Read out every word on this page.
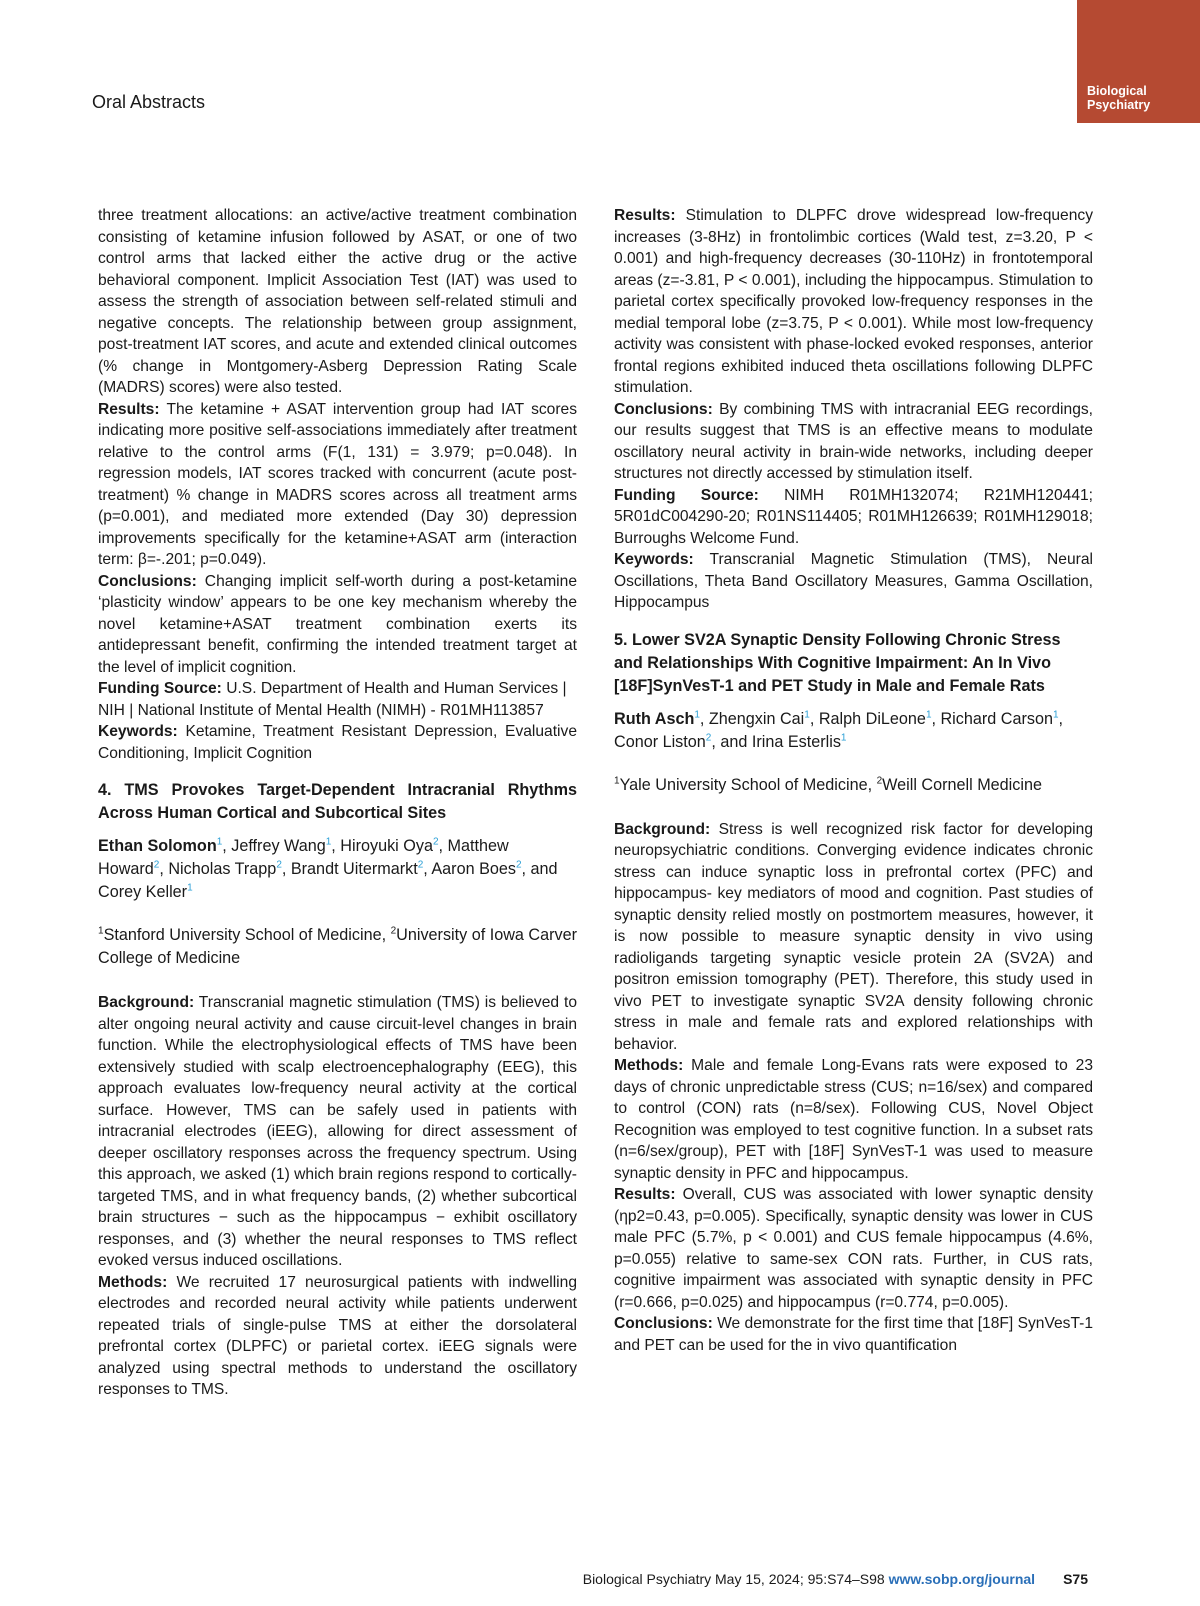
Oral Abstracts
Biological
Psychiatry

three treatment allocations: an active/active treatment combination consisting of ketamine infusion followed by ASAT, or one of two control arms that lacked either the active drug or the active behavioral component. Implicit Association Test (IAT) was used to assess the strength of association between self-related stimuli and negative concepts. The relationship between group assignment, post-treatment IAT scores, and acute and extended clinical outcomes (% change in Montgomery-Asberg Depression Rating Scale (MADRS) scores) were also tested.

Results: The ketamine + ASAT intervention group had IAT scores indicating more positive self-associations immediately after treatment relative to the control arms (F(1, 131) = 3.979; p=0.048). In regression models, IAT scores tracked with concurrent (acute post-treatment) % change in MADRS scores across all treatment arms (p=0.001), and mediated more extended (Day 30) depression improvements specifically for the ketamine+ASAT arm (interaction term: β=-.201; p=0.049).

Conclusions: Changing implicit self-worth during a post-ketamine ‘plasticity window’ appears to be one key mechanism whereby the novel ketamine+ASAT treatment combination exerts its antidepressant benefit, confirming the intended treatment target at the level of implicit cognition.

Funding Source: U.S. Department of Health and Human Services | NIH | National Institute of Mental Health (NIMH) - R01MH113857

Keywords: Ketamine, Treatment Resistant Depression, Evaluative Conditioning, Implicit Cognition

4. TMS Provokes Target-Dependent Intracranial Rhythms Across Human Cortical and Subcortical Sites

Ethan Solomon$^1$, Jeffrey Wang$^1$, Hiroyuki Oya$^2$, Matthew Howard$^2$, Nicholas Trapp$^2$, Brandt Uitermarkt$^2$, Aaron Boes$^2$, and Corey Keller$^1$

$^1$Stanford University School of Medicine, $^2$University of Iowa Carver College of Medicine

Background: Transcranial magnetic stimulation (TMS) is believed to alter ongoing neural activity and cause circuit-level changes in brain function. While the electrophysiological effects of TMS have been extensively studied with scalp electroencephalography (EEG), this approach evaluates low-frequency neural activity at the cortical surface. However, TMS can be safely used in patients with intracranial electrodes (iEEG), allowing for direct assessment of deeper oscillatory responses across the frequency spectrum. Using this approach, we asked (1) which brain regions respond to cortically-targeted TMS, and in what frequency bands, (2) whether subcortical brain structures − such as the hippocampus − exhibit oscillatory responses, and (3) whether the neural responses to TMS reflect evoked versus induced oscillations.

Methods: We recruited 17 neurosurgical patients with indwelling electrodes and recorded neural activity while patients underwent repeated trials of single-pulse TMS at either the dorsolateral prefrontal cortex (DLPFC) or parietal cortex. iEEG signals were analyzed using spectral methods to understand the oscillatory responses to TMS.

Results: Stimulation to DLPFC drove widespread low-frequency increases (3-8Hz) in frontolimbic cortices (Wald test, z=3.20, P < 0.001) and high-frequency decreases (30-110Hz) in frontotemporal areas (z=-3.81, P < 0.001), including the hippocampus. Stimulation to parietal cortex specifically provoked low-frequency responses in the medial temporal lobe (z=3.75, P < 0.001). While most low-frequency activity was consistent with phase-locked evoked responses, anterior frontal regions exhibited induced theta oscillations following DLPFC stimulation.

Conclusions: By combining TMS with intracranial EEG recordings, our results suggest that TMS is an effective means to modulate oscillatory neural activity in brain-wide networks, including deeper structures not directly accessed by stimulation itself.

Funding Source: NIMH R01MH132074; R21MH120441; 5R01dC004290-20; R01NS114405; R01MH126639; R01MH129018; Burroughs Welcome Fund.

Keywords: Transcranial Magnetic Stimulation (TMS), Neural Oscillations, Theta Band Oscillatory Measures, Gamma Oscillation, Hippocampus

5. Lower SV2A Synaptic Density Following Chronic Stress and Relationships With Cognitive Impairment: An In Vivo [18F]SynVesT-1 and PET Study in Male and Female Rats

Ruth Asch$^1$, Zhengxin Cai$^1$, Ralph DiLeone$^1$, Richard Carson$^1$, Conor Liston$^2$, and Irina Esterlis$^1$

$^1$Yale University School of Medicine, $^2$Weill Cornell Medicine

Background: Stress is well recognized risk factor for developing neuropsychiatric conditions. Converging evidence indicates chronic stress can induce synaptic loss in prefrontal cortex (PFC) and hippocampus- key mediators of mood and cognition. Past studies of synaptic density relied mostly on postmortem measures, however, it is now possible to measure synaptic density in vivo using radioligands targeting synaptic vesicle protein 2A (SV2A) and positron emission tomography (PET). Therefore, this study used in vivo PET to investigate synaptic SV2A density following chronic stress in male and female rats and explored relationships with behavior.

Methods: Male and female Long-Evans rats were exposed to 23 days of chronic unpredictable stress (CUS; n=16/sex) and compared to control (CON) rats (n=8/sex). Following CUS, Novel Object Recognition was employed to test cognitive function. In a subset rats (n=6/sex/group), PET with [18F] SynVesT-1 was used to measure synaptic density in PFC and hippocampus.

Results: Overall, CUS was associated with lower synaptic density (ηp2=0.43, p=0.005). Specifically, synaptic density was lower in CUS male PFC (5.7%, p < 0.001) and CUS female hippocampus (4.6%, p=0.055) relative to same-sex CON rats. Further, in CUS rats, cognitive impairment was associated with synaptic density in PFC (r=0.666, p=0.025) and hippocampus (r=0.774, p=0.005).

Conclusions: We demonstrate for the first time that [18F] SynVesT-1 and PET can be used for the in vivo quantification

Biological Psychiatry May 15, 2024; 95:S74–S98 www.sobp.org/journal S75
